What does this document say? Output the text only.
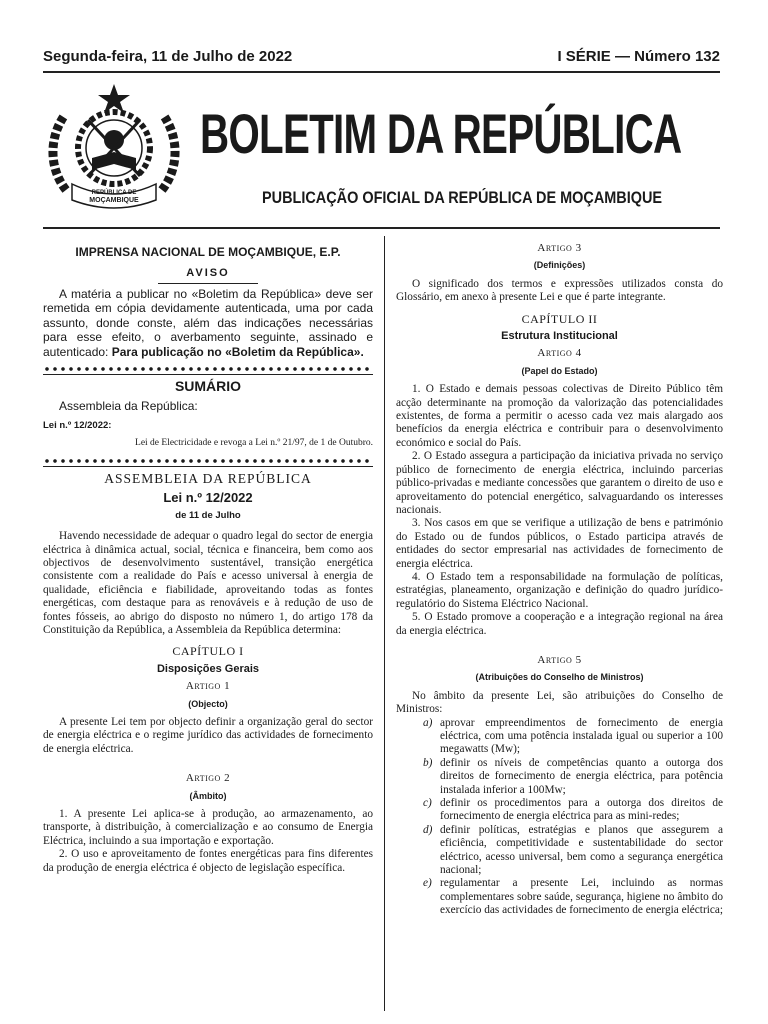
Segunda-feira, 11 de Julho de 2022	I SÉRIE — Número 132
REPÚBLICA DE
MOÇAMBIQUE
BOLETIM DA REPÚBLICA
PUBLICAÇÃO OFICIAL DA REPÚBLICA DE MOÇAMBIQUE
IMPRENSA NACIONAL DE MOÇAMBIQUE, E.P.
AVISO

A matéria a publicar no «Boletim da República» deve ser remetida em cópia devidamente autenticada, uma por cada assunto, donde conste, além das indicações necessárias para esse efeito, o averbamento seguinte, assinado e autenticado: Para publicação no «Boletim da República».

SUMÁRIO
Assembleia da República:
Lei n.º 12/2022:
Lei de Electricidade e revoga a Lei n.º 21/97, de 1 de Outubro.
ASSEMBLEIA DA REPÚBLICA
Lei n.º 12/2022
de 11 de Julho

Havendo necessidade de adequar o quadro legal do sector de energia eléctrica à dinâmica actual, social, técnica e financeira, bem como aos objectivos de desenvolvimento sustentável, transição energética consistente com a realidade do País e acesso universal à energia de qualidade, eficiência e fiabilidade, aproveitando todas as fontes energéticas, com destaque para as renováveis e à redução de uso de fontes fósseis, ao abrigo do disposto no número 1, do artigo 178 da Constituição da República, a Assembleia da República determina:

CAPÍTULO I
Disposições Gerais
Artigo 1
(Objecto)

A presente Lei tem por objecto definir a organização geral do sector de energia eléctrica e o regime jurídico das actividades de fornecimento de energia eléctrica.

Artigo 2
(Âmbito)

1. A presente Lei aplica-se à produção, ao armazenamento, ao transporte, à distribuição, à comercialização e ao consumo de Energia Eléctrica, incluindo a sua importação e exportação.

2. O uso e aproveitamento de fontes energéticas para fins diferentes da produção de energia eléctrica é objecto de legislação específica.

Artigo 3
(Definições)

O significado dos termos e expressões utilizados consta do Glossário, em anexo à presente Lei e que é parte integrante.

CAPÍTULO II
Estrutura Institucional
Artigo 4
(Papel do Estado)

1. O Estado e demais pessoas colectivas de Direito Público têm acção determinante na promoção da valorização das potencialidades existentes, de forma a permitir o acesso cada vez mais alargado aos benefícios da energia eléctrica e contribuir para o desenvolvimento económico e social do País.

2. O Estado assegura a participação da iniciativa privada no serviço público de fornecimento de energia eléctrica, incluindo parcerias público-privadas e mediante concessões que garantem o direito de uso e aproveitamento do potencial energético, salvaguardando os interesses nacionais.

3. Nos casos em que se verifique a utilização de bens e património do Estado ou de fundos públicos, o Estado participa através de entidades do sector empresarial nas actividades de fornecimento de energia eléctrica.

4. O Estado tem a responsabilidade na formulação de políticas, estratégias, planeamento, organização e definição do quadro jurídico-regulatório do Sistema Eléctrico Nacional.

5. O Estado promove a cooperação e a integração regional na área da energia eléctrica.

Artigo 5
(Atribuições do Conselho de Ministros)

No âmbito da presente Lei, são atribuições do Conselho de Ministros:

a) aprovar empreendimentos de fornecimento de energia eléctrica, com uma potência instalada igual ou superior a 100 megawatts (Mw);
b) definir os níveis de competências quanto a outorga dos direitos de fornecimento de energia eléctrica, para potência instalada inferior a 100Mw;
c) definir os procedimentos para a outorga dos direitos de fornecimento de energia eléctrica para as mini-redes;
d) definir políticas, estratégias e planos que assegurem a eficiência, competitividade e sustentabilidade do sector eléctrico, acesso universal, bem como a segurança energética nacional;
e) regulamentar a presente Lei, incluindo as normas complementares sobre saúde, segurança, higiene no âmbito do exercício das actividades de fornecimento de energia eléctrica;
